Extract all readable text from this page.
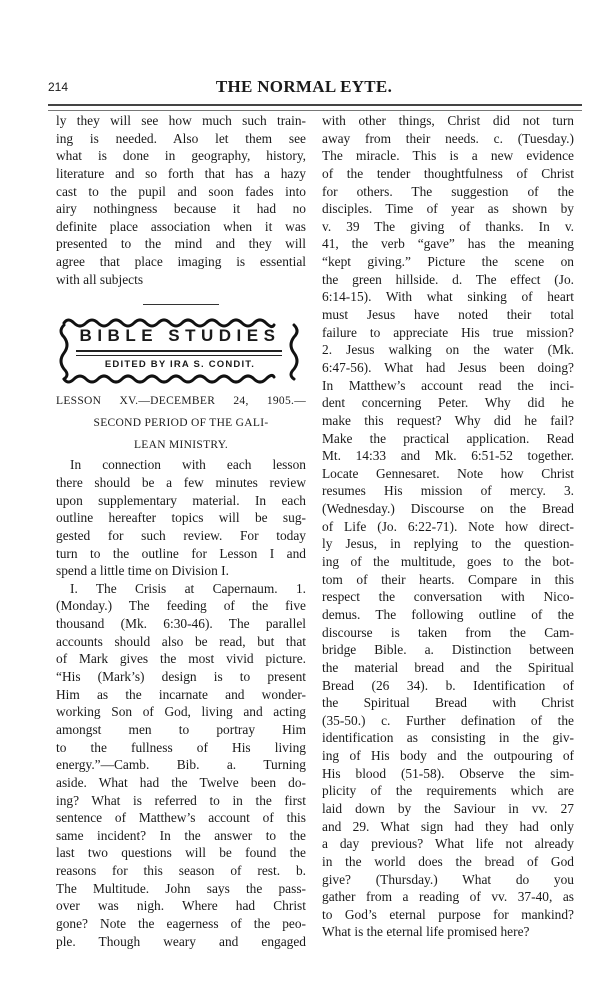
214	THE NORMAL EYTE.
ly they will see how much such train-
ing is needed. Also let them see
what is done in geography, history,
literature and so forth that has a hazy
cast to the pupil and soon fades into
airy nothingness because it had no
definite place association when it was
presented to the mind and they will
agree that place imaging is essential
with all subjects
BIBLE STUDIES
EDITED BY IRA S. CONDIT.
LESSON XV.—DECEMBER 24, 1905.—
SECOND PERIOD OF THE GALI-
LEAN MINISTRY.
In connection with each lesson
there should be a few minutes review
upon supplementary material. In each
outline hereafter topics will be sug-
gested for such review. For today
turn to the outline for Lesson I and
spend a little time on Division I.
I. The Crisis at Capernaum. 1.
(Monday.) The feeding of the five
thousand (Mk. 6:30-46). The parallel
accounts should also be read, but that
of Mark gives the most vivid picture.
“His (Mark’s) design is to present
Him as the incarnate and wonder-
working Son of God, living and acting
amongst men to portray Him
to the fullness of His living
energy.”—Camb. Bib. a. Turning
aside. What had the Twelve been do-
ing? What is referred to in the first
sentence of Matthew’s account of this
same incident? In the answer to the
last two questions will be found the
reasons for this season of rest. b.
The Multitude. John says the pass-
over was nigh. Where had Christ
gone? Note the eagerness of the peo-
ple. Though weary and engaged
with other things, Christ did not turn
away from their needs. c. (Tuesday.)
The miracle. This is a new evidence
of the tender thoughtfulness of Christ
for others. The suggestion of the
disciples. Time of year as shown by
v. 39 The giving of thanks. In v.
41, the verb “gave” has the meaning
“kept giving.” Picture the scene on
the green hillside. d. The effect (Jo.
6:14-15). With what sinking of heart
must Jesus have noted their total
failure to appreciate His true mission?
2. Jesus walking on the water (Mk.
6:47-56). What had Jesus been doing?
In Matthew’s account read the inci-
dent concerning Peter. Why did he
make this request? Why did he fail?
Make the practical application. Read
Mt. 14:33 and Mk. 6:51-52 together.
Locate Gennesaret. Note how Christ
resumes His mission of mercy. 3.
(Wednesday.) Discourse on the Bread
of Life (Jo. 6:22-71). Note how direct-
ly Jesus, in replying to the question-
ing of the multitude, goes to the bot-
tom of their hearts. Compare in this
respect the conversation with Nico-
demus. The following outline of the
discourse is taken from the Cam-
bridge Bible. a. Distinction between
the material bread and the Spiritual
Bread (26 34). b. Identification of
the Spiritual Bread with Christ
(35-50.) c. Further defination of the
identification as consisting in the giv-
ing of His body and the outpouring of
His blood (51-58). Observe the sim-
plicity of the requirements which are
laid down by the Saviour in vv. 27
and 29. What sign had they had only
a day previous? What life not already
in the world does the bread of God
give? (Thursday.) What do you
gather from a reading of vv. 37-40, as
to God’s eternal purpose for mankind?
What is the eternal life promised here?
